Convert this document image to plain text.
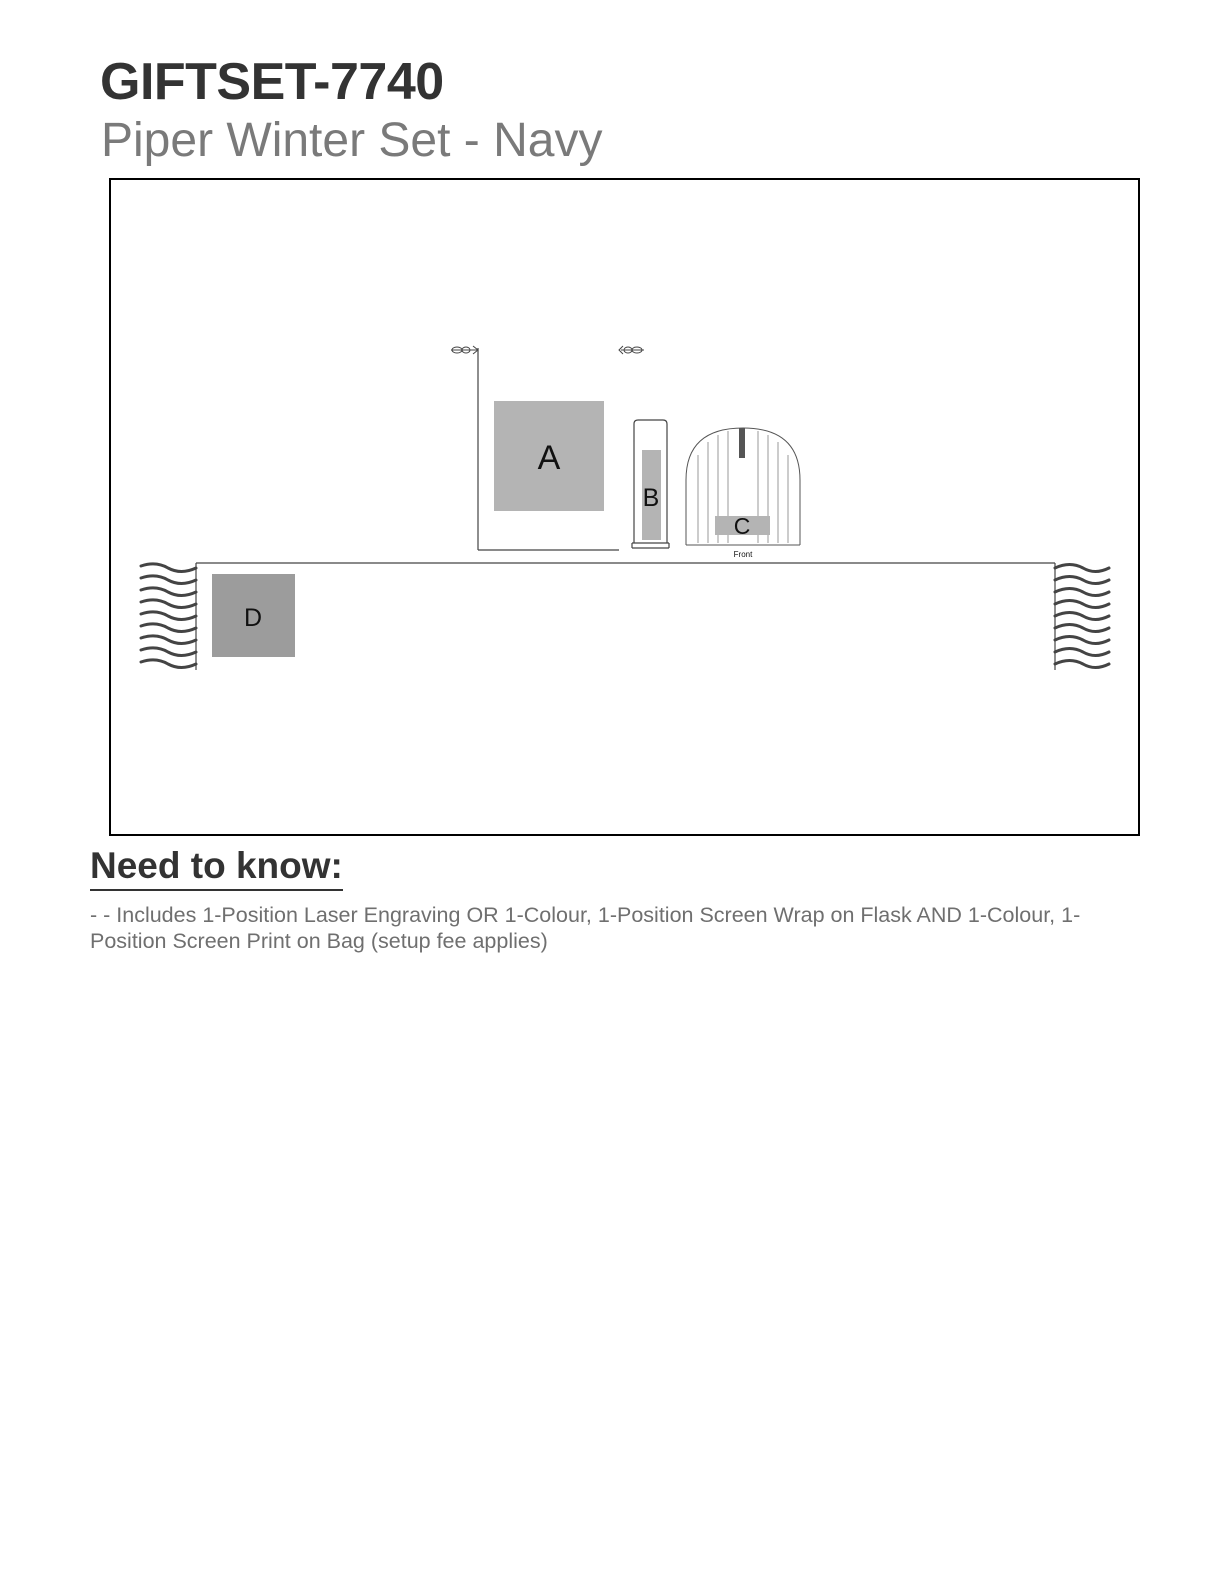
GIFTSET-7740
Piper Winter Set - Navy
A
B
C
Front
D
Need to know:

- - Includes 1-Position Laser Engraving OR 1-Colour, 1-Position Screen Wrap on Flask AND 1-Colour, 1-Position Screen Print on Bag (setup fee applies)
